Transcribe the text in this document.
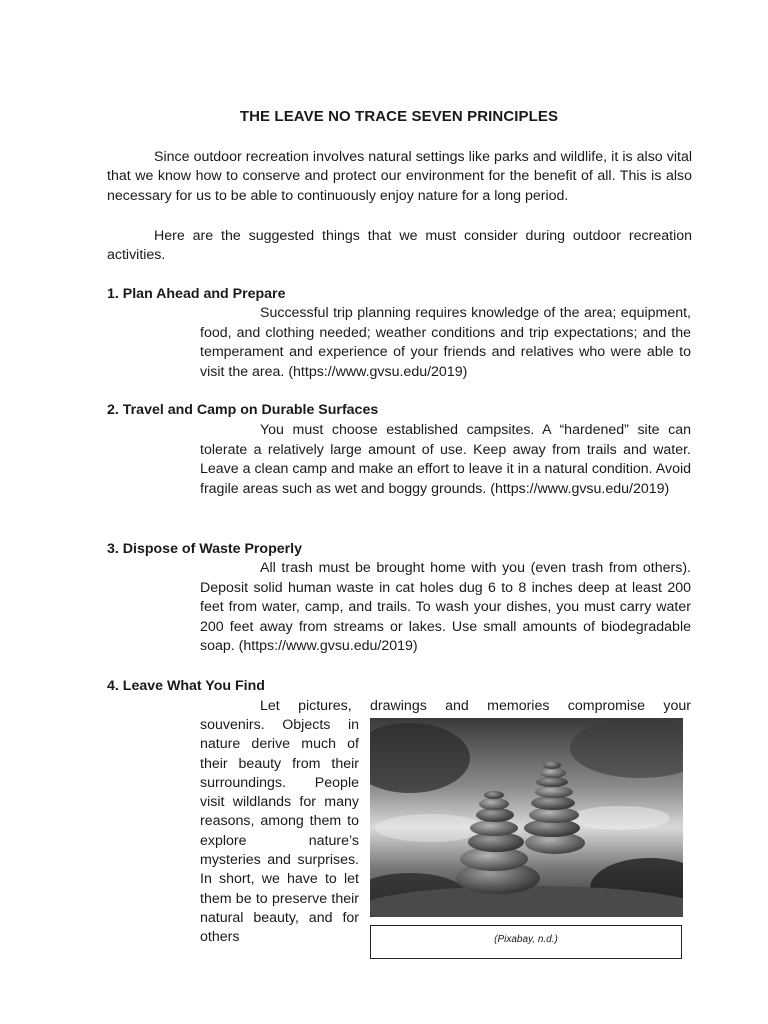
THE LEAVE NO TRACE SEVEN PRINCIPLES
Since outdoor recreation involves natural settings like parks and wildlife, it is also vital that we know how to conserve and protect our environment for the benefit of all. This is also necessary for us to be able to continuously enjoy nature for a long period.
Here are the suggested things that we must consider during outdoor recreation activities.
1. Plan Ahead and Prepare
Successful trip planning requires knowledge of the area; equipment, food, and clothing needed; weather conditions and trip expectations; and the temperament and experience of your friends and relatives who were able to visit the area. (https://www.gvsu.edu/2019)
2. Travel and Camp on Durable Surfaces
You must choose established campsites. A “hardened” site can tolerate a relatively large amount of use. Keep away from trails and water. Leave a clean camp and make an effort to leave it in a natural condition. Avoid fragile areas such as wet and boggy grounds. (https://www.gvsu.edu/2019)
3. Dispose of Waste Properly
All trash must be brought home with you (even trash from others). Deposit solid human waste in cat holes dug 6 to 8 inches deep at least 200 feet from water, camp, and trails. To wash your dishes, you must carry water 200 feet away from streams or lakes. Use small amounts of biodegradable soap. (https://www.gvsu.edu/2019)
4. Leave What You Find
Let pictures, drawings and memories compromise your
souvenirs. Objects in nature derive much of their beauty from their surroundings. People visit wildlands for many reasons, among them to explore nature’s mysteries and surprises. In short, we have to let them be to preserve their natural beauty, and for others	(Pixabay, n.d.)
